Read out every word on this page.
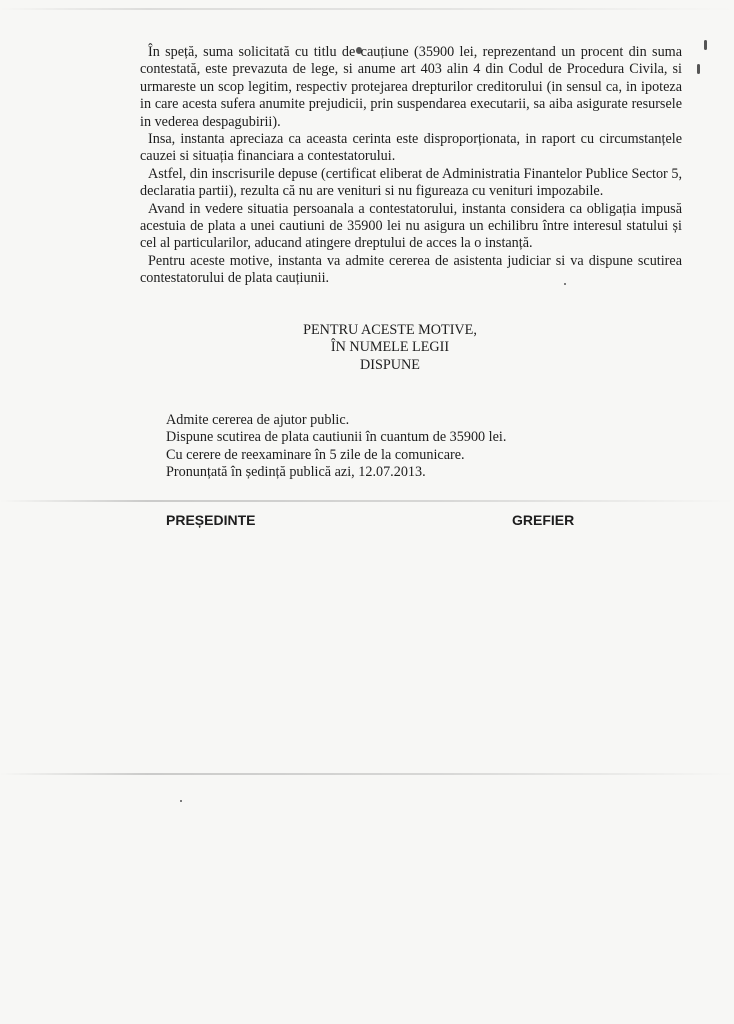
În speță, suma solicitată cu titlu de cauțiune (35900 lei, reprezentand un procent din suma contestată, este prevazuta de lege, si anume art 403 alin 4 din Codul de Procedura Civila, si urmareste un scop legitim, respectiv protejarea drepturilor creditorului (in sensul ca, in ipoteza in care acesta sufera anumite prejudicii, prin suspendarea executarii, sa aiba asigurate resursele in vederea despagubirii).

Insa, instanta apreciaza ca aceasta cerinta este disproporționata, in raport cu circumstanțele cauzei si situația financiara a contestatorului.

Astfel, din inscrisurile depuse (certificat eliberat de Administratia Finantelor Publice Sector 5, declaratia partii), rezulta că nu are venituri si nu figureaza cu venituri impozabile.

Avand in vedere situatia persoanala a contestatorului, instanta considera ca obligația impusă acestuia de plata a unei cautiuni de 35900 lei nu asigura un echilibru între interesul statului și cel al particularilor, aducand atingere dreptului de acces la o instanță.

Pentru aceste motive, instanta va admite cererea de asistenta judiciar si va dispune scutirea contestatorului de plata cauțiunii.

PENTRU ACESTE MOTIVE,
ÎN NUMELE LEGII
DISPUNE
Admite cererea de ajutor public.
Dispune scutirea de plata cautiunii în cuantum de 35900 lei.
Cu cerere de reexaminare în 5 zile de la comunicare.
Pronunțată în ședință publică azi, 12.07.2013.
PREȘEDINTE	GREFIER
